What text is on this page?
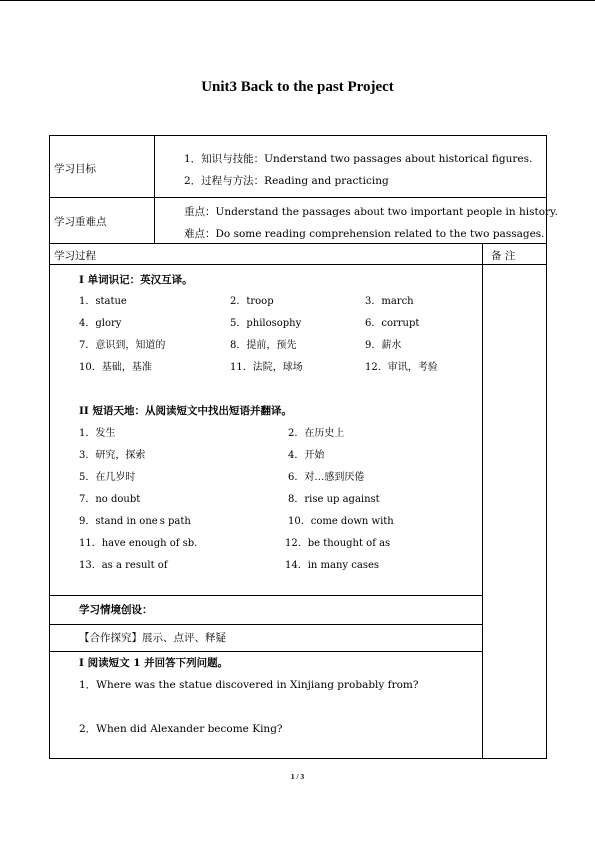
Unit3 Back to the past Project
学习目标
1．知识与技能：Understand two passages about historical figures.
2．过程与方法：Reading and practicing
学习重难点
重点：Understand the passages about two important people in history.
难点：Do some reading comprehension related to the two passages.
学习过程	备 注
I 单词识记：英汉互译。
1．statue	2．troop	3．march
4．glory	5．philosophy	6．corrupt
7．意识到，知道的	8．提前，预先	9．薪水
10．基础，基准	11．法院，球场	12．审讯，考验
II 短语天地：从阅读短文中找出短语并翻译。
1．发生	2．在历史上
3．研究，探索	4．开始
5．在几岁时	6．对…感到厌倦
7．no doubt	8．rise up against
9．stand in one s path	10．come down with
11．have enough of sb.	12．be thought of as
13．as a result of	14．in many cases
学习情境创设：
【合作探究】展示、点评、释疑
I 阅读短文 1 并回答下列问题。
1．Where was the statue discovered in Xinjiang probably from?
2．When did Alexander become King?
1 / 3
